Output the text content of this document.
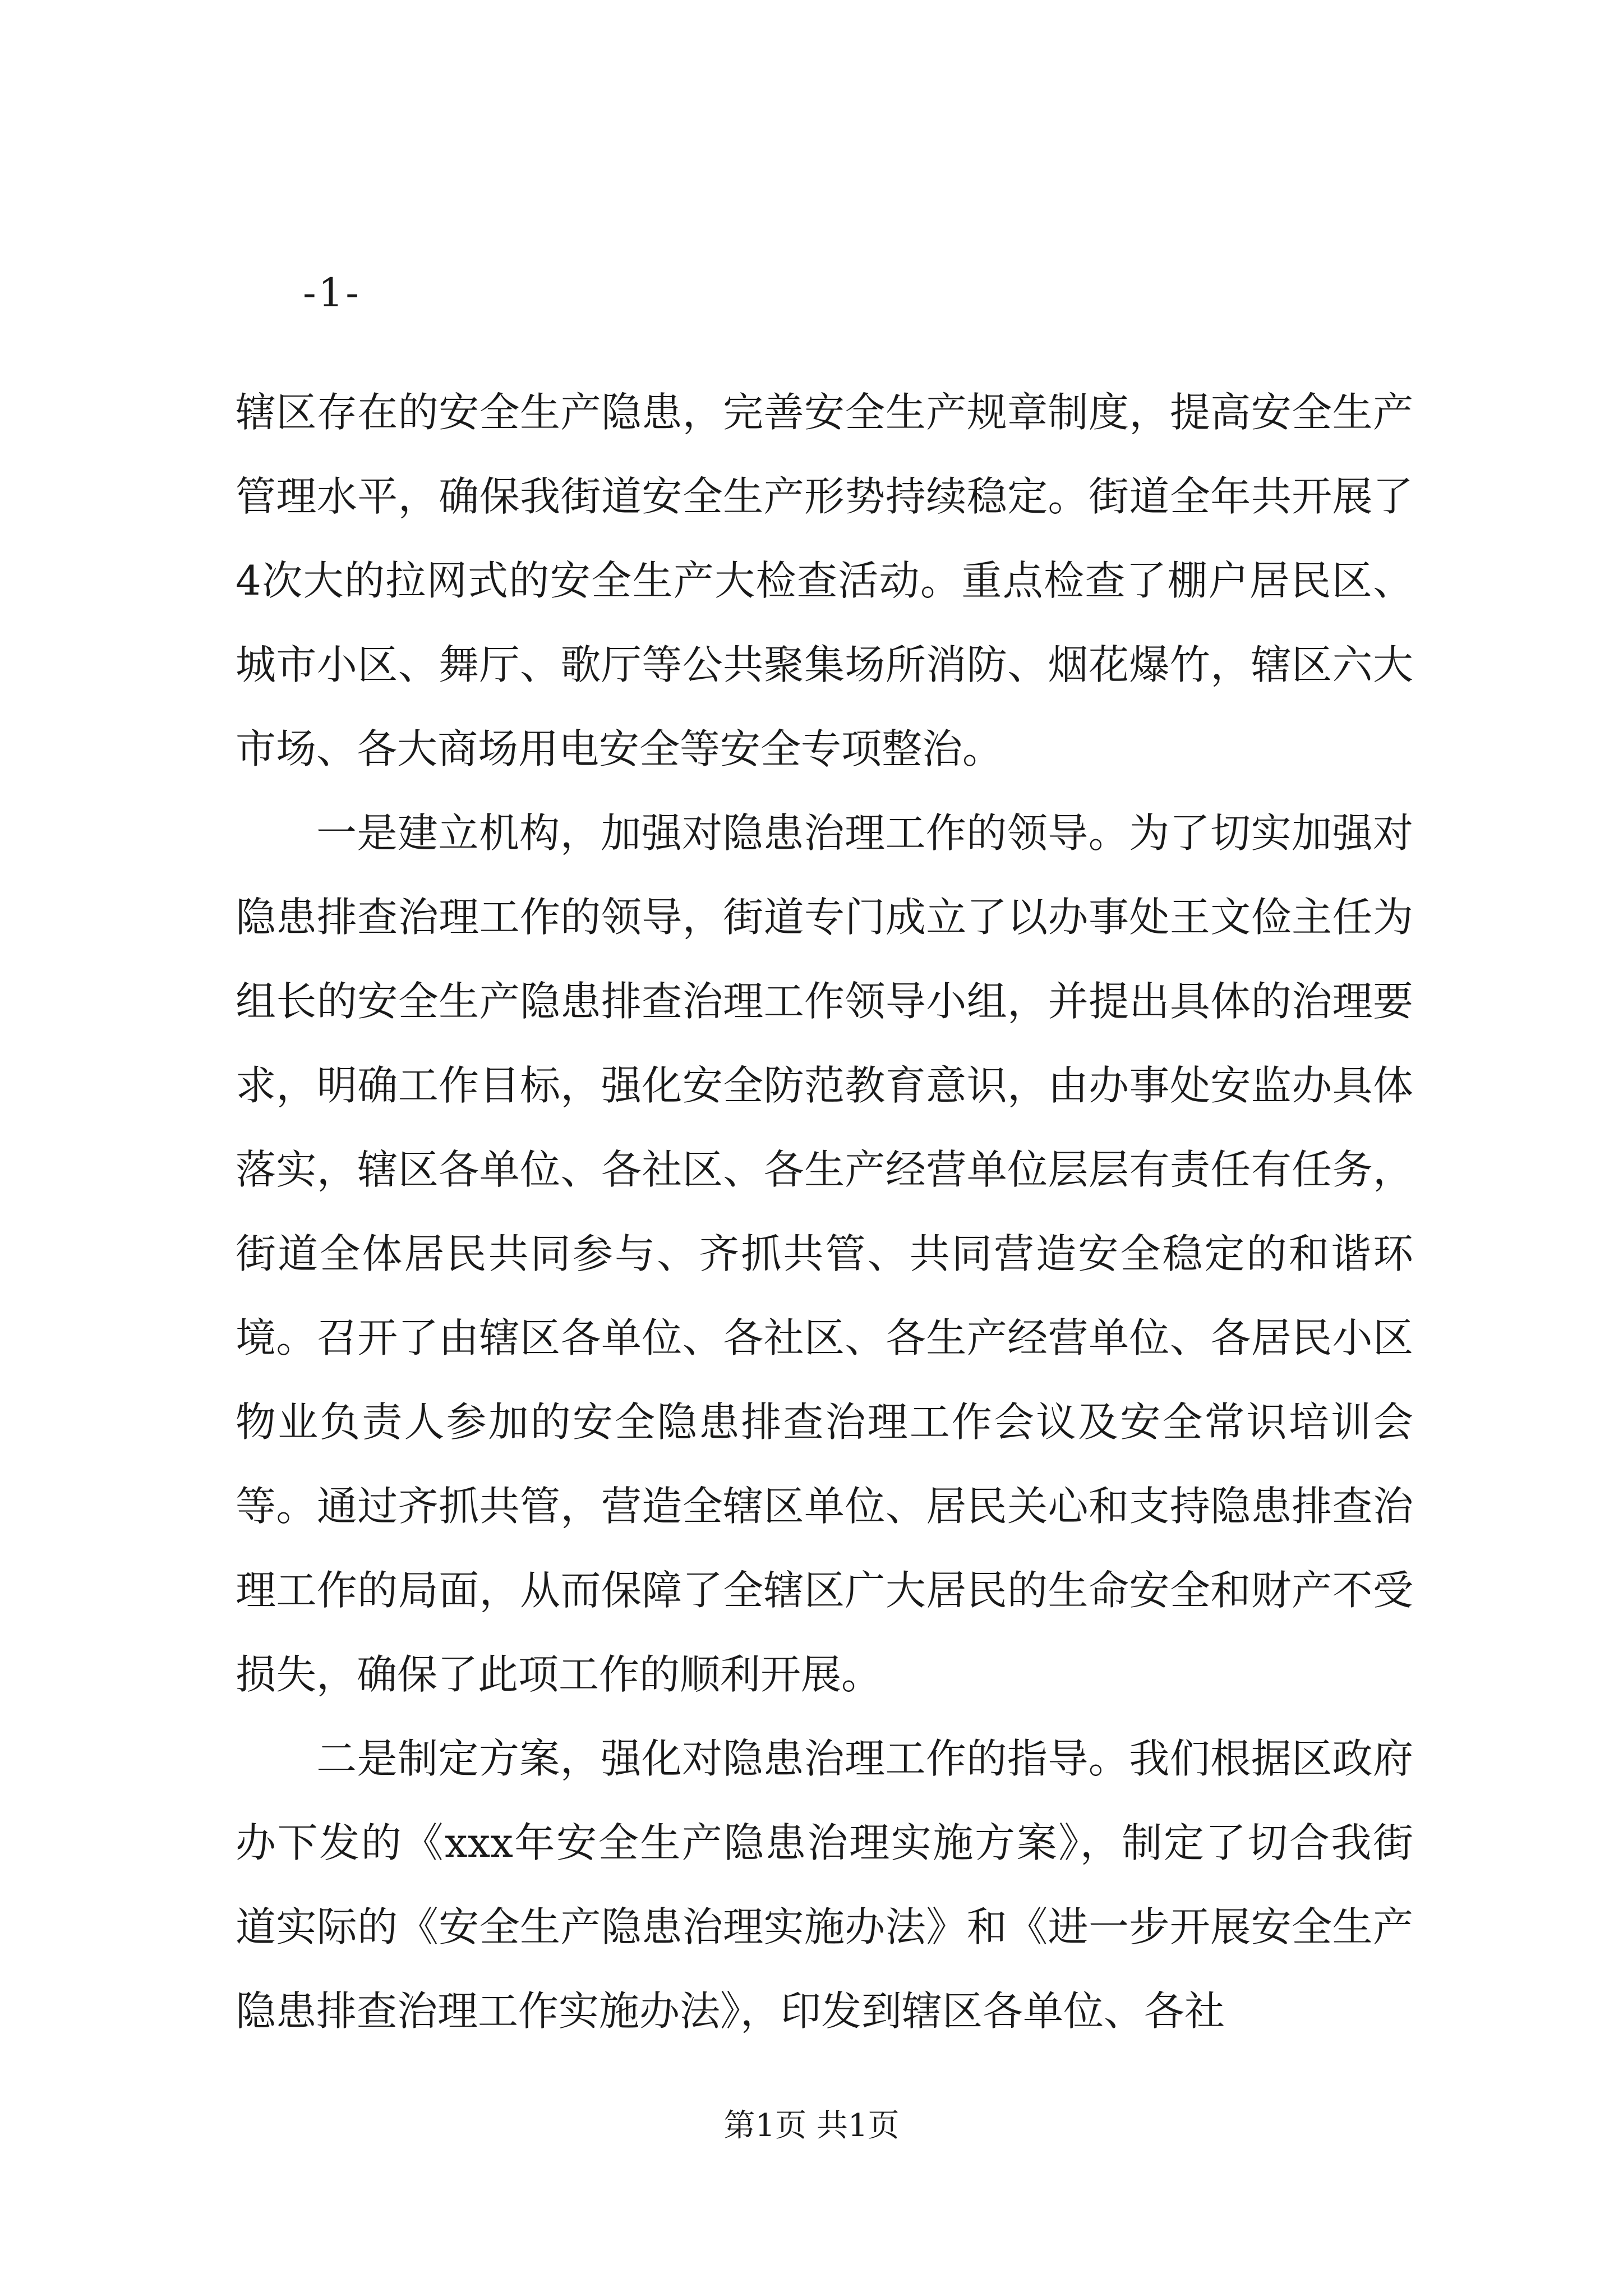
-1-

辖区存在的安全生产隐患，完善安全生产规章制度，提高安全生产管理水平，确保我街道安全生产形势持续稳定。街道全年共开展了4次大的拉网式的安全生产大检查活动。重点检查了棚户居民区、城市小区、舞厅、歌厅等公共聚集场所消防、烟花爆竹，辖区六大市场、各大商场用电安全等安全专项整治。

一是建立机构，加强对隐患治理工作的领导。为了切实加强对隐患排查治理工作的领导，街道专门成立了以办事处王文俭主任为组长的安全生产隐患排查治理工作领导小组，并提出具体的治理要求，明确工作目标，强化安全防范教育意识，由办事处安监办具体落实，辖区各单位、各社区、各生产经营单位层层有责任有任务，街道全体居民共同参与、齐抓共管、共同营造安全稳定的和谐环境。召开了由辖区各单位、各社区、各生产经营单位、各居民小区物业负责人参加的安全隐患排查治理工作会议及安全常识培训会等。通过齐抓共管，营造全辖区单位、居民关心和支持隐患排查治理工作的局面，从而保障了全辖区广大居民的生命安全和财产不受损失，确保了此项工作的顺利开展。

二是制定方案，强化对隐患治理工作的指导。我们根据区政府办下发的《xxx年安全生产隐患治理实施方案》，制定了切合我街道实际的《安全生产隐患治理实施办法》和《进一步开展安全生产隐患排查治理工作实施办法》，印发到辖区各单位、各社

第1页 共1页
